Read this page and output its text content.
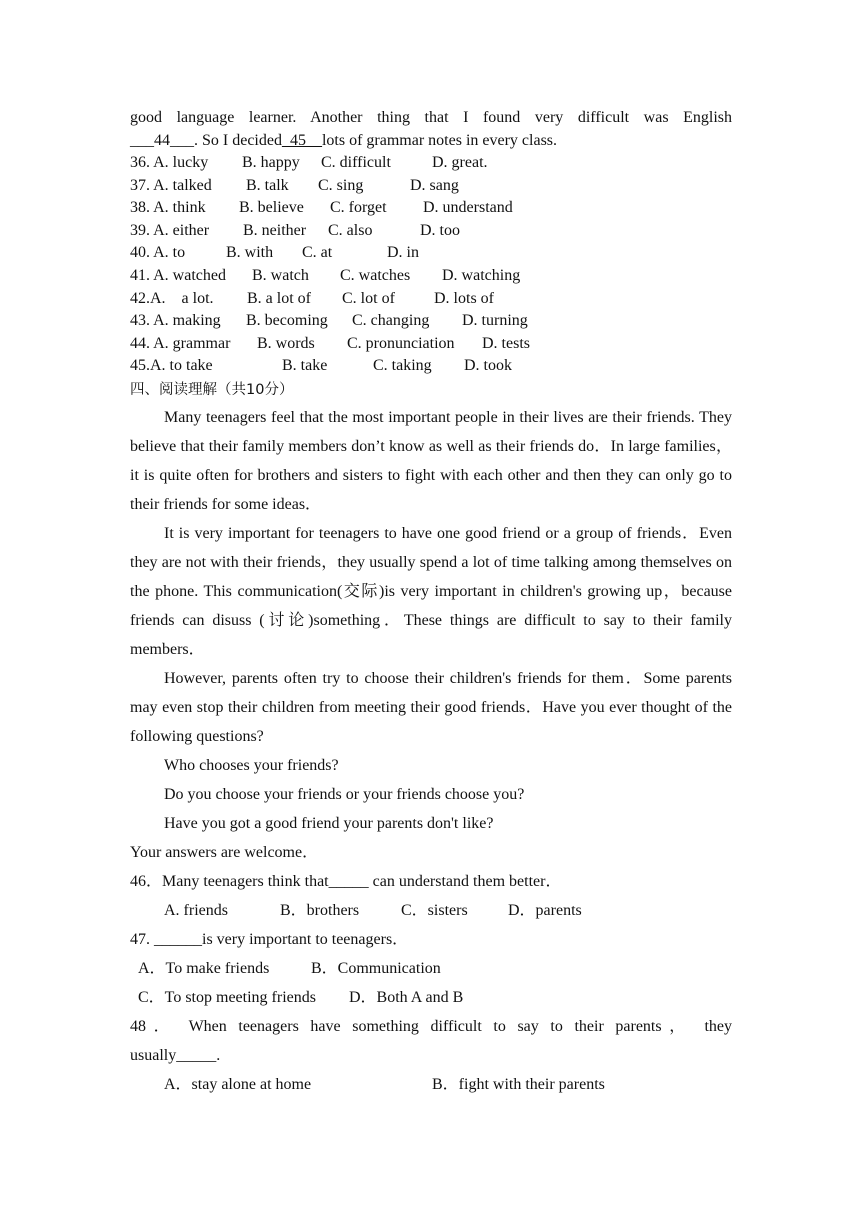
good language learner. Another thing that I found very difficult was English
___44___. So I decided_45__lots of grammar notes in every class.
36. A. lucky B. happy C. difficult	D. great.
37. A. talked B. talk C. sing	D. sang
38. A. think B. believe C. forget D. understand
39. A. either B. neither C. also	D. too
40. A. to	B. with C. at	D. in
41. A. watched B. watch C. watches D. watching
42.A.    a lot. B. a lot of C. lot of D. lots of
43. A. making B. becoming C. changing D. turning
44. A. grammar B. words C. pronunciation D. tests
45.A. to take	B. take	C. taking D. took
四、阅读理解（共10分）
Many teenagers feel that the most important people in their lives are their friends. They believe that their family members don’t know as well as their friends do．In large families，it is quite often for brothers and sisters to fight with each other and then they can only go to their friends for some ideas．
It is very important for teenagers to have one good friend or a group of friends．Even they are not with their friends，they usually spend a lot of time talking among themselves on the phone. This communication(交际)is very important in children's growing up，because friends can disuss (讨论)something．These things are difficult to say to their family members．
However, parents often try to choose their children's friends for them．Some parents may even stop their children from meeting their good friends．Have you ever thought of the following questions?
Who chooses your friends?
Do you choose your friends or your friends choose you?
Have you got a good friend your parents don't like?
Your answers are welcome．
46．Many teenagers think that_____ can understand them better．
A. friends	B．brothers	C．sisters	D．parents
47. ______is very important to teenagers．
A．To make friends	B．Communication
C．To stop meeting friends D．Both A and B
48． When teenagers have something difficult to say to their parents， they
usually_____.
A．stay alone at home	B．fight with their parents
